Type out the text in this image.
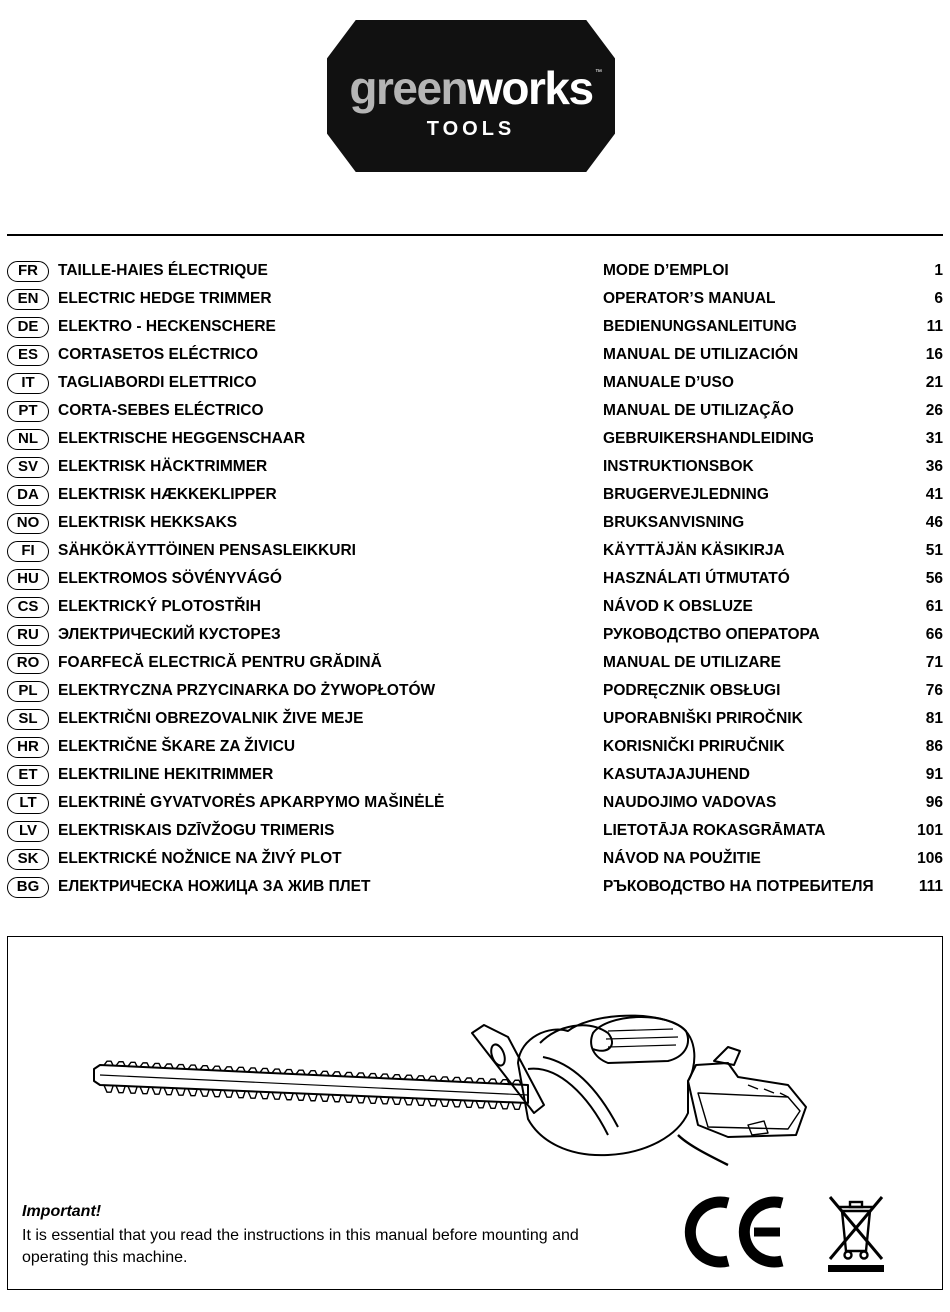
greenworks ™
TOOLS
FR	TAILLE-HAIES ÉLECTRIQUE	MODE D’EMPLOI	1
EN	ELECTRIC HEDGE TRIMMER	OPERATOR’S MANUAL	6
DE	ELEKTRO - HECKENSCHERE	BEDIENUNGSANLEITUNG	11
ES	CORTASETOS ELÉCTRICO	MANUAL DE UTILIZACIÓN	16
IT	TAGLIABORDI ELETTRICO	MANUALE D’USO	21
PT	CORTA-SEBES ELÉCTRICO	MANUAL DE UTILIZAÇÃO	26
NL	ELEKTRISCHE HEGGENSCHAAR	GEBRUIKERSHANDLEIDING	31
SV	ELEKTRISK HÄCKTRIMMER	INSTRUKTIONSBOK	36
DA	ELEKTRISK HÆKKEKLIPPER	BRUGERVEJLEDNING	41
NO	ELEKTRISK HEKKSAKS	BRUKSANVISNING	46
FI	SÄHKÖKÄYTTÖINEN PENSASLEIKKURI	KÄYTTÄJÄN KÄSIKIRJA	51
HU	ELEKTROMOS SÖVÉNYVÁGÓ	HASZNÁLATI ÚTMUTATÓ	56
CS	ELEKTRICKÝ PLOTOSTŘIH	NÁVOD K OBSLUZE	61
RU	ЭЛЕКТРИЧЕСКИЙ КУСТОРЕЗ	РУКОВОДСТВО ОПЕРАТОРА	66
RO	FOARFECĂ ELECTRICĂ PENTRU GRĂDINĂ	MANUAL DE UTILIZARE	71
PL	ELEKTRYCZNA PRZYCINARKA DO ŻYWOPŁOTÓW	PODRĘCZNIK OBSŁUGI	76
SL	ELEKTRIČNI OBREZOVALNIK ŽIVE MEJE	UPORABNIŠKI PRIROČNIK	81
HR	ELEKTRIČNE ŠKARE ZA ŽIVICU	KORISNIČKI PRIRUČNIK	86
ET	ELEKTRILINE HEKITRIMMER	KASUTAJAJUHEND	91
LT	ELEKTRINĖ GYVATVORĖS APKARPYMO MAŠINĖLĖ	NAUDOJIMO VADOVAS	96
LV	ELEKTRISKAIS DZĪVŽOGU TRIMERIS	LIETOTĀJA ROKASGRĀMATA	101
SK	ELEKTRICKÉ NOŽNICE NA ŽIVÝ PLOT	NÁVOD NA POUŽITIE	106
BG	ЕЛЕКТРИЧЕСКА НОЖИЦА ЗА ЖИВ ПЛЕТ	РЪКОВОДСТВО НА ПОТРЕБИТЕЛЯ	111
Important!
It is essential that you read the instructions in this manual before mounting and operating this machine.
